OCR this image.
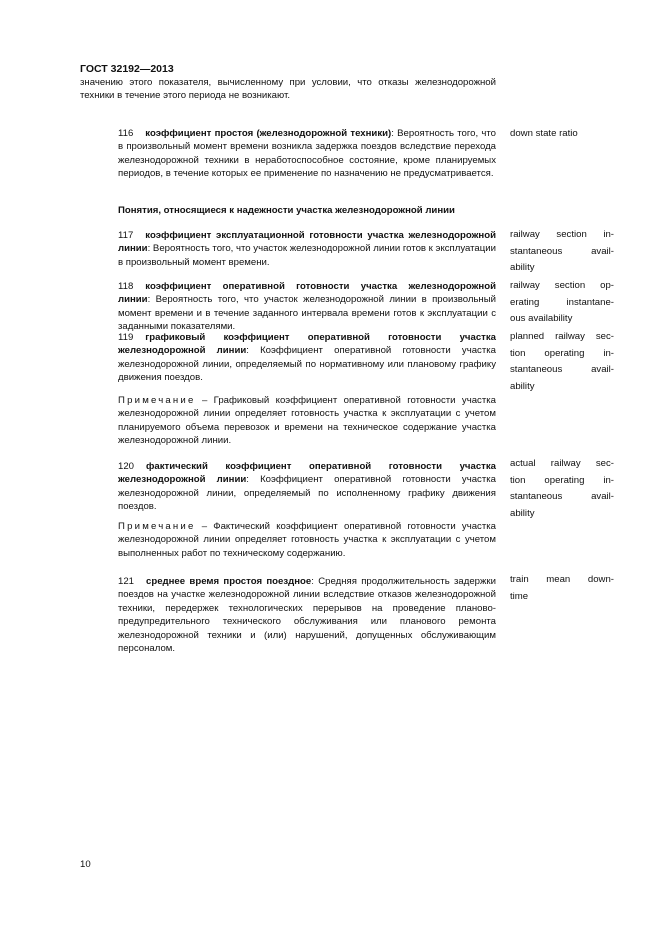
ГОСТ 32192—2013
значению этого показателя, вычисленному при условии, что отказы железнодорожной техники в течение этого периода не возникают.
116 коэффициент простоя (железнодорожной техники): Вероятность того, что в произвольный момент времени возникла задержка поездов вследствие перехода железнодорожной техники в неработоспособное состояние, кроме планируемых периодов, в течение которых ее применение по назначению не предусматривается.
down state ratio
Понятия, относящиеся к надежности участка железнодорожной линии
117 коэффициент эксплуатационной готовности участка железнодорожной линии: Вероятность того, что участок железнодорожной линии готов к эксплуатации в произвольный момент времени.
railway section in-
stantaneous avail-
ability
118 коэффициент оперативной готовности участка железнодорожной линии: Вероятность того, что участок железнодорожной линии в произвольный момент времени и в течение заданного интервала времени готов к эксплуатации с заданными показателями.
railway section op-
erating instantane-
ous availability
119 графиковый коэффициент оперативной готовности участка железнодорожной линии: Коэффициент оперативной готовности участка железнодорожной линии, определяемый по нормативному или плановому графику движения поездов.
Примечание – Графиковый коэффициент оперативной готовности участка железнодорожной линии определяет готовность участка к эксплуатации с учетом планируемого объема перевозок и времени на техническое содержание участка железнодорожной линии.
planned railway sec-
tion operating in-
stantaneous avail-
ability
120 фактический коэффициент оперативной готовности участка железнодорожной линии: Коэффициент оперативной готовности участка железнодорожной линии, определяемый по исполненному графику движения поездов.
Примечание – Фактический коэффициент оперативной готовности участка железнодорожной линии определяет готовность участка к эксплуатации с учетом выполненных работ по техническому содержанию.
actual railway sec-
tion operating in-
stantaneous avail-
ability
121 среднее время простоя поездное: Средняя продолжительность задержки поездов на участке железнодорожной линии вследствие отказов железнодорожной техники, передержек технологических перерывов на проведение планово-предупредительного технического обслуживания или планового ремонта железнодорожной техники и (или) нарушений, допущенных обслуживающим персоналом.
train mean down-
time
10
